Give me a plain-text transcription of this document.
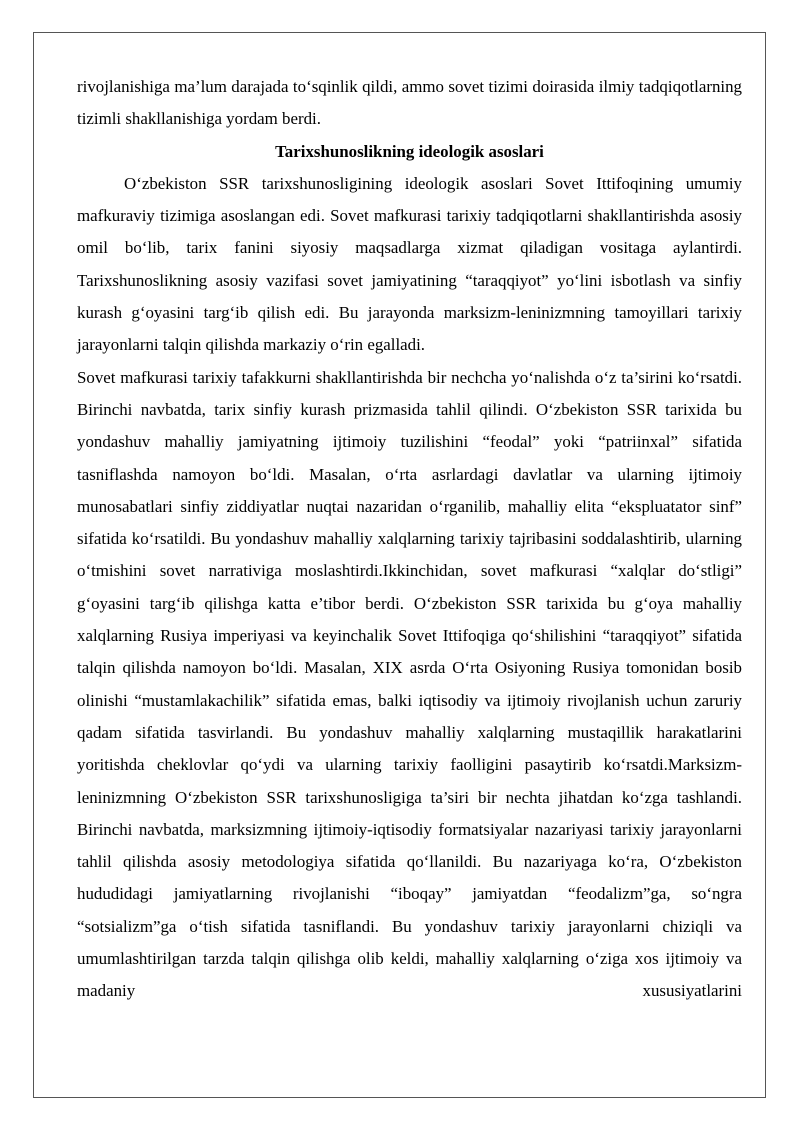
rivojlanishiga ma’lum darajada to‘sqinlik qildi, ammo sovet tizimi doirasida ilmiy tadqiqotlarning tizimli shakllanishiga yordam berdi.

Tarixshunoslikning ideologik asoslari

O‘zbekiston SSR tarixshunosligining ideologik asoslari Sovet Ittifoqining umumiy mafkuraviy tizimiga asoslangan edi. Sovet mafkurasi tarixiy tadqiqotlarni shakllantirishda asosiy omil bo‘lib, tarix fanini siyosiy maqsadlarga xizmat qiladigan vositaga aylantirdi. Tarixshunoslikning asosiy vazifasi sovet jamiyatining “taraqqiyot” yo‘lini isbotlash va sinfiy kurash g‘oyasini targ‘ib qilish edi. Bu jarayonda marksizm-leninizmning tamoyillari tarixiy jarayonlarni talqin qilishda markaziy o‘rin egalladi.

Sovet mafkurasi tarixiy tafakkurni shakllantirishda bir nechcha yo‘nalishda o‘z ta’sirini ko‘rsatdi. Birinchi navbatda, tarix sinfiy kurash prizmasida tahlil qilindi. O‘zbekiston SSR tarixida bu yondashuv mahalliy jamiyatning ijtimoiy tuzilishini “feodal” yoki “patriinxal” sifatida tasniflashda namoyon bo‘ldi. Masalan, o‘rta asrlardagi davlatlar va ularning ijtimoiy munosabatlari sinfiy ziddiyatlar nuqtai nazaridan o‘rganilib, mahalliy elita “ekspluatator sinf” sifatida ko‘rsatildi. Bu yondashuv mahalliy xalqlarning tarixiy tajribasini soddalashtirib, ularning o‘tmishini sovet narrativiga moslashtirdi.Ikkinchidan, sovet mafkurasi “xalqlar do‘stligi” g‘oyasini targ‘ib qilishga katta e’tibor berdi. O‘zbekiston SSR tarixida bu g‘oya mahalliy xalqlarning Rusiya imperiyasi va keyinchalik Sovet Ittifoqiga qo‘shilishini “taraqqiyot” sifatida talqin qilishda namoyon bo‘ldi. Masalan, XIX asrda O‘rta Osiyoning Rusiya tomonidan bosib olinishi “mustamlakachilik” sifatida emas, balki iqtisodiy va ijtimoiy rivojlanish uchun zaruriy qadam sifatida tasvirlandi. Bu yondashuv mahalliy xalqlarning mustaqillik harakatlarini yoritishda cheklovlar qo‘ydi va ularning tarixiy faolligini pasaytirib ko‘rsatdi.Marksizm-leninizmning O‘zbekiston SSR tarixshunosligiga ta’siri bir nechta jihatdan ko‘zga tashlandi. Birinchi navbatda, marksizmning ijtimoiy-iqtisodiy formatsiyalar nazariyasi tarixiy jarayonlarni tahlil qilishda asosiy metodologiya sifatida qo‘llanildi. Bu nazariyaga ko‘ra, O‘zbekiston hududidagi jamiyatlarning rivojlanishi “iboqay” jamiyatdan “feodalizm”ga, so‘ngra “sotsializm”ga o‘tish sifatida tasniflandi. Bu yondashuv tarixiy jarayonlarni chiziqli va umumlashtirilgan tarzda talqin qilishga olib keldi, mahalliy xalqlarning o‘ziga xos ijtimoiy va madaniy xususiyatlarini
